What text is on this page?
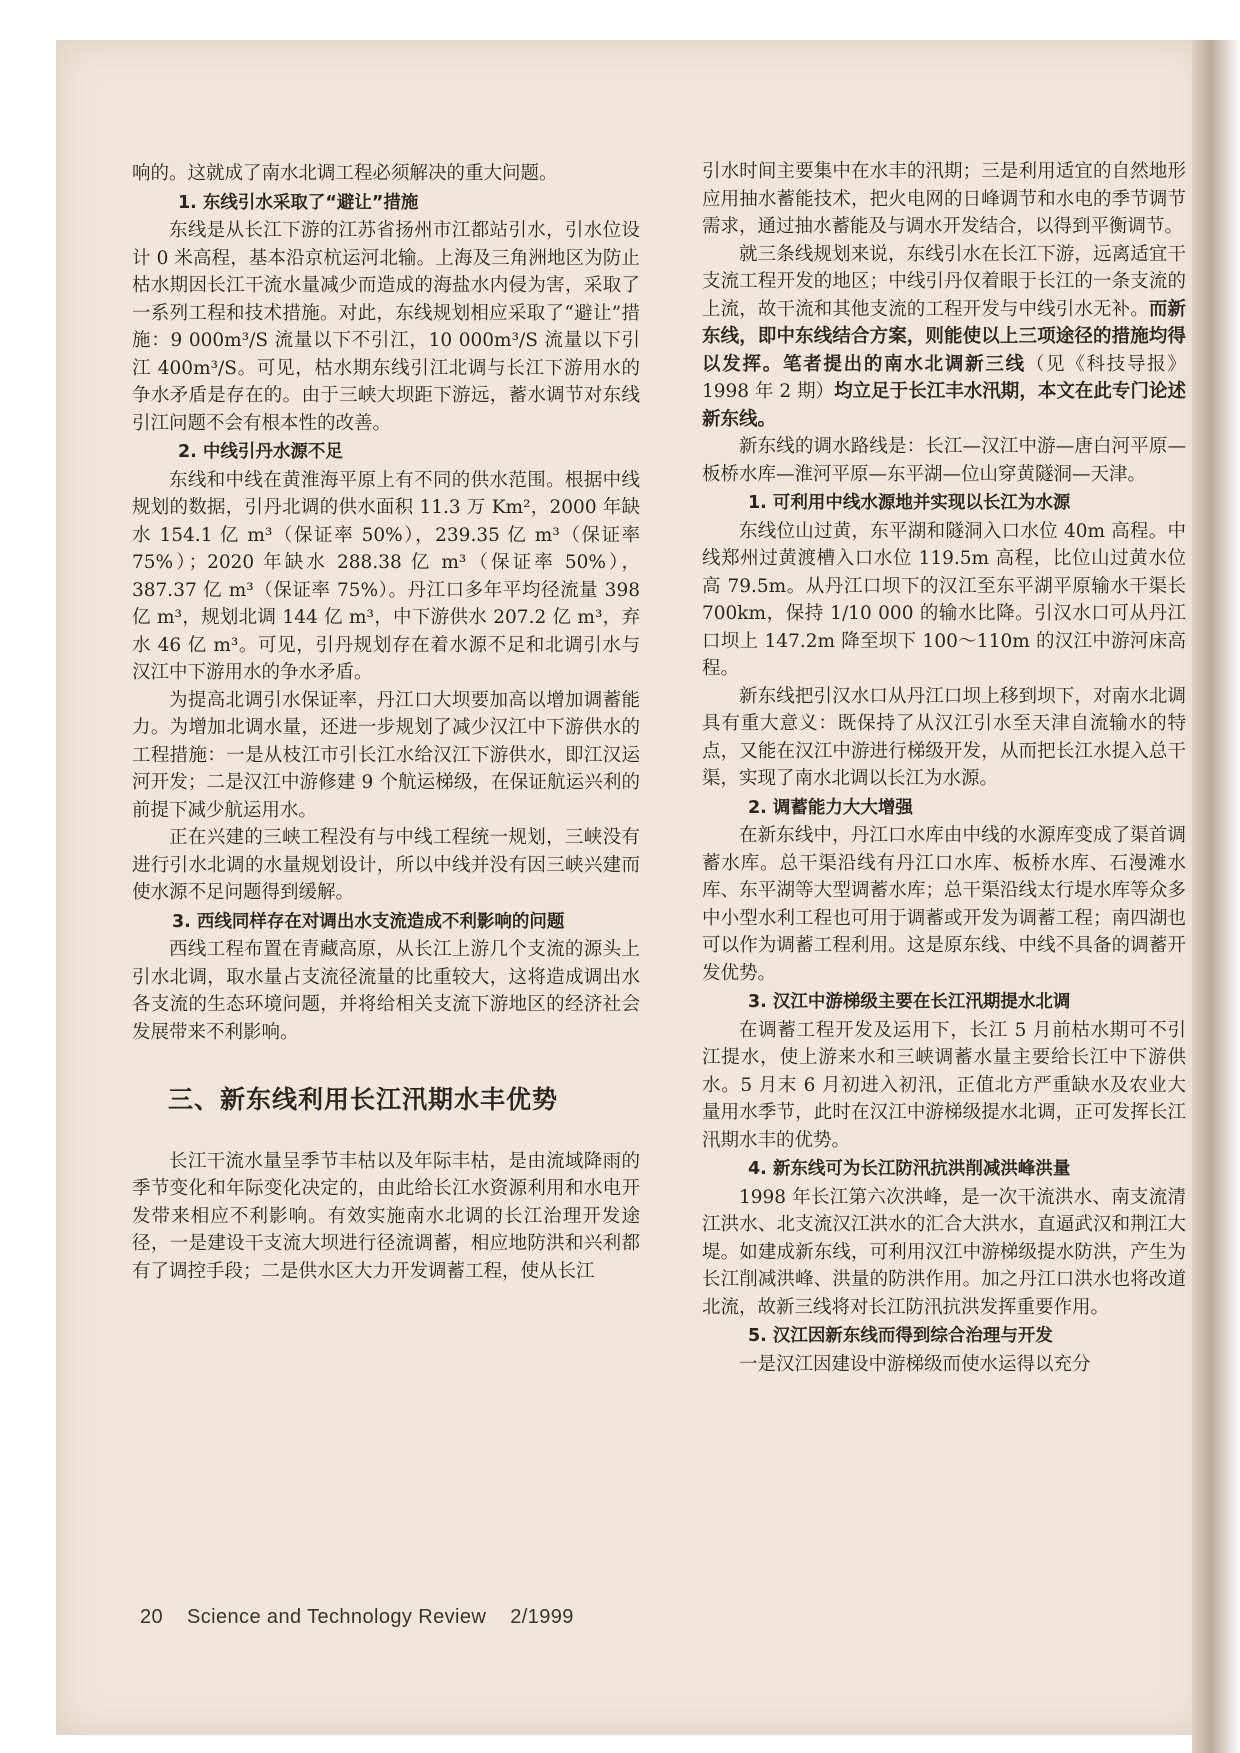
响的。这就成了南水北调工程必须解决的重大问题。

1. 东线引水采取了“避让”措施

东线是从长江下游的江苏省扬州市江都站引水，引水位设计 0 米高程，基本沿京杭运河北输。上海及三角洲地区为防止枯水期因长江干流水量减少而造成的海盐水内侵为害，采取了一系列工程和技术措施。对此，东线规划相应采取了“避让”措施：9 000m³/S 流量以下不引江，10 000m³/S 流量以下引江 400m³/S。可见，枯水期东线引江北调与长江下游用水的争水矛盾是存在的。由于三峡大坝距下游远，蓄水调节对东线引江问题不会有根本性的改善。

2. 中线引丹水源不足

东线和中线在黄淮海平原上有不同的供水范围。根据中线规划的数据，引丹北调的供水面积 11.3 万 Km²，2000 年缺水 154.1 亿 m³（保证率 50%），239.35 亿 m³（保证率 75%）；2020 年缺水 288.38 亿 m³（保证率 50%），387.37 亿 m³（保证率 75%）。丹江口多年平均径流量 398 亿 m³，规划北调 144 亿 m³，中下游供水 207.2 亿 m³，弃水 46 亿 m³。可见，引丹规划存在着水源不足和北调引水与汉江中下游用水的争水矛盾。

为提高北调引水保证率，丹江口大坝要加高以增加调蓄能力。为增加北调水量，还进一步规划了减少汉江中下游供水的工程措施：一是从枝江市引长江水给汉江下游供水，即江汉运河开发；二是汉江中游修建 9 个航运梯级，在保证航运兴利的前提下减少航运用水。

正在兴建的三峡工程没有与中线工程统一规划，三峡没有进行引水北调的水量规划设计，所以中线并没有因三峡兴建而使水源不足问题得到缓解。

3. 西线同样存在对调出水支流造成不利影响的问题

西线工程布置在青藏高原，从长江上游几个支流的源头上引水北调，取水量占支流径流量的比重较大，这将造成调出水各支流的生态环境问题，并将给相关支流下游地区的经济社会发展带来不利影响。

三、新东线利用长江汛期水丰优势

长江干流水量呈季节丰枯以及年际丰枯，是由流域降雨的季节变化和年际变化决定的，由此给长江水资源利用和水电开发带来相应不利影响。有效实施南水北调的长江治理开发途径，一是建设干支流大坝进行径流调蓄，相应地防洪和兴利都有了调控手段；二是供水区大力开发调蓄工程，使从长江

引水时间主要集中在水丰的汛期；三是利用适宜的自然地形应用抽水蓄能技术，把火电网的日峰调节和水电的季节调节需求，通过抽水蓄能及与调水开发结合，以得到平衡调节。

就三条线规划来说，东线引水在长江下游，远离适宜干支流工程开发的地区；中线引丹仅着眼于长江的一条支流的上流，故干流和其他支流的工程开发与中线引水无补。而新东线，即中东线结合方案，则能使以上三项途径的措施均得以发挥。笔者提出的南水北调新三线（见《科技导报》1998 年 2 期）均立足于长江丰水汛期，本文在此专门论述新东线。

新东线的调水路线是：长江—汉江中游—唐白河平原—板桥水库—淮河平原—东平湖—位山穿黄隧洞—天津。

1. 可利用中线水源地并实现以长江为水源

东线位山过黄，东平湖和隧洞入口水位 40m 高程。中线郑州过黄渡槽入口水位 119.5m 高程，比位山过黄水位高 79.5m。从丹江口坝下的汉江至东平湖平原输水干渠长 700km，保持 1/10 000 的输水比降。引汉水口可从丹江口坝上 147.2m 降至坝下 100～110m 的汉江中游河床高程。

新东线把引汉水口从丹江口坝上移到坝下，对南水北调具有重大意义：既保持了从汉江引水至天津自流输水的特点，又能在汉江中游进行梯级开发，从而把长江水提入总干渠，实现了南水北调以长江为水源。

2. 调蓄能力大大增强

在新东线中，丹江口水库由中线的水源库变成了渠首调蓄水库。总干渠沿线有丹江口水库、板桥水库、石漫滩水库、东平湖等大型调蓄水库；总干渠沿线太行堤水库等众多中小型水利工程也可用于调蓄或开发为调蓄工程；南四湖也可以作为调蓄工程利用。这是原东线、中线不具备的调蓄开发优势。

3. 汉江中游梯级主要在长江汛期提水北调

在调蓄工程开发及运用下，长江 5 月前枯水期可不引江提水，使上游来水和三峡调蓄水量主要给长江中下游供水。5 月末 6 月初进入初汛，正值北方严重缺水及农业大量用水季节，此时在汉江中游梯级提水北调，正可发挥长江汛期水丰的优势。

4. 新东线可为长江防汛抗洪削减洪峰洪量

1998 年长江第六次洪峰，是一次干流洪水、南支流清江洪水、北支流汉江洪水的汇合大洪水，直逼武汉和荆江大堤。如建成新东线，可利用汉江中游梯级提水防洪，产生为长江削减洪峰、洪量的防洪作用。加之丹江口洪水也将改道北流，故新三线将对长江防汛抗洪发挥重要作用。

5. 汉江因新东线而得到综合治理与开发

一是汉江因建设中游梯级而使水运得以充分

20 Science and Technology Review 2/1999
